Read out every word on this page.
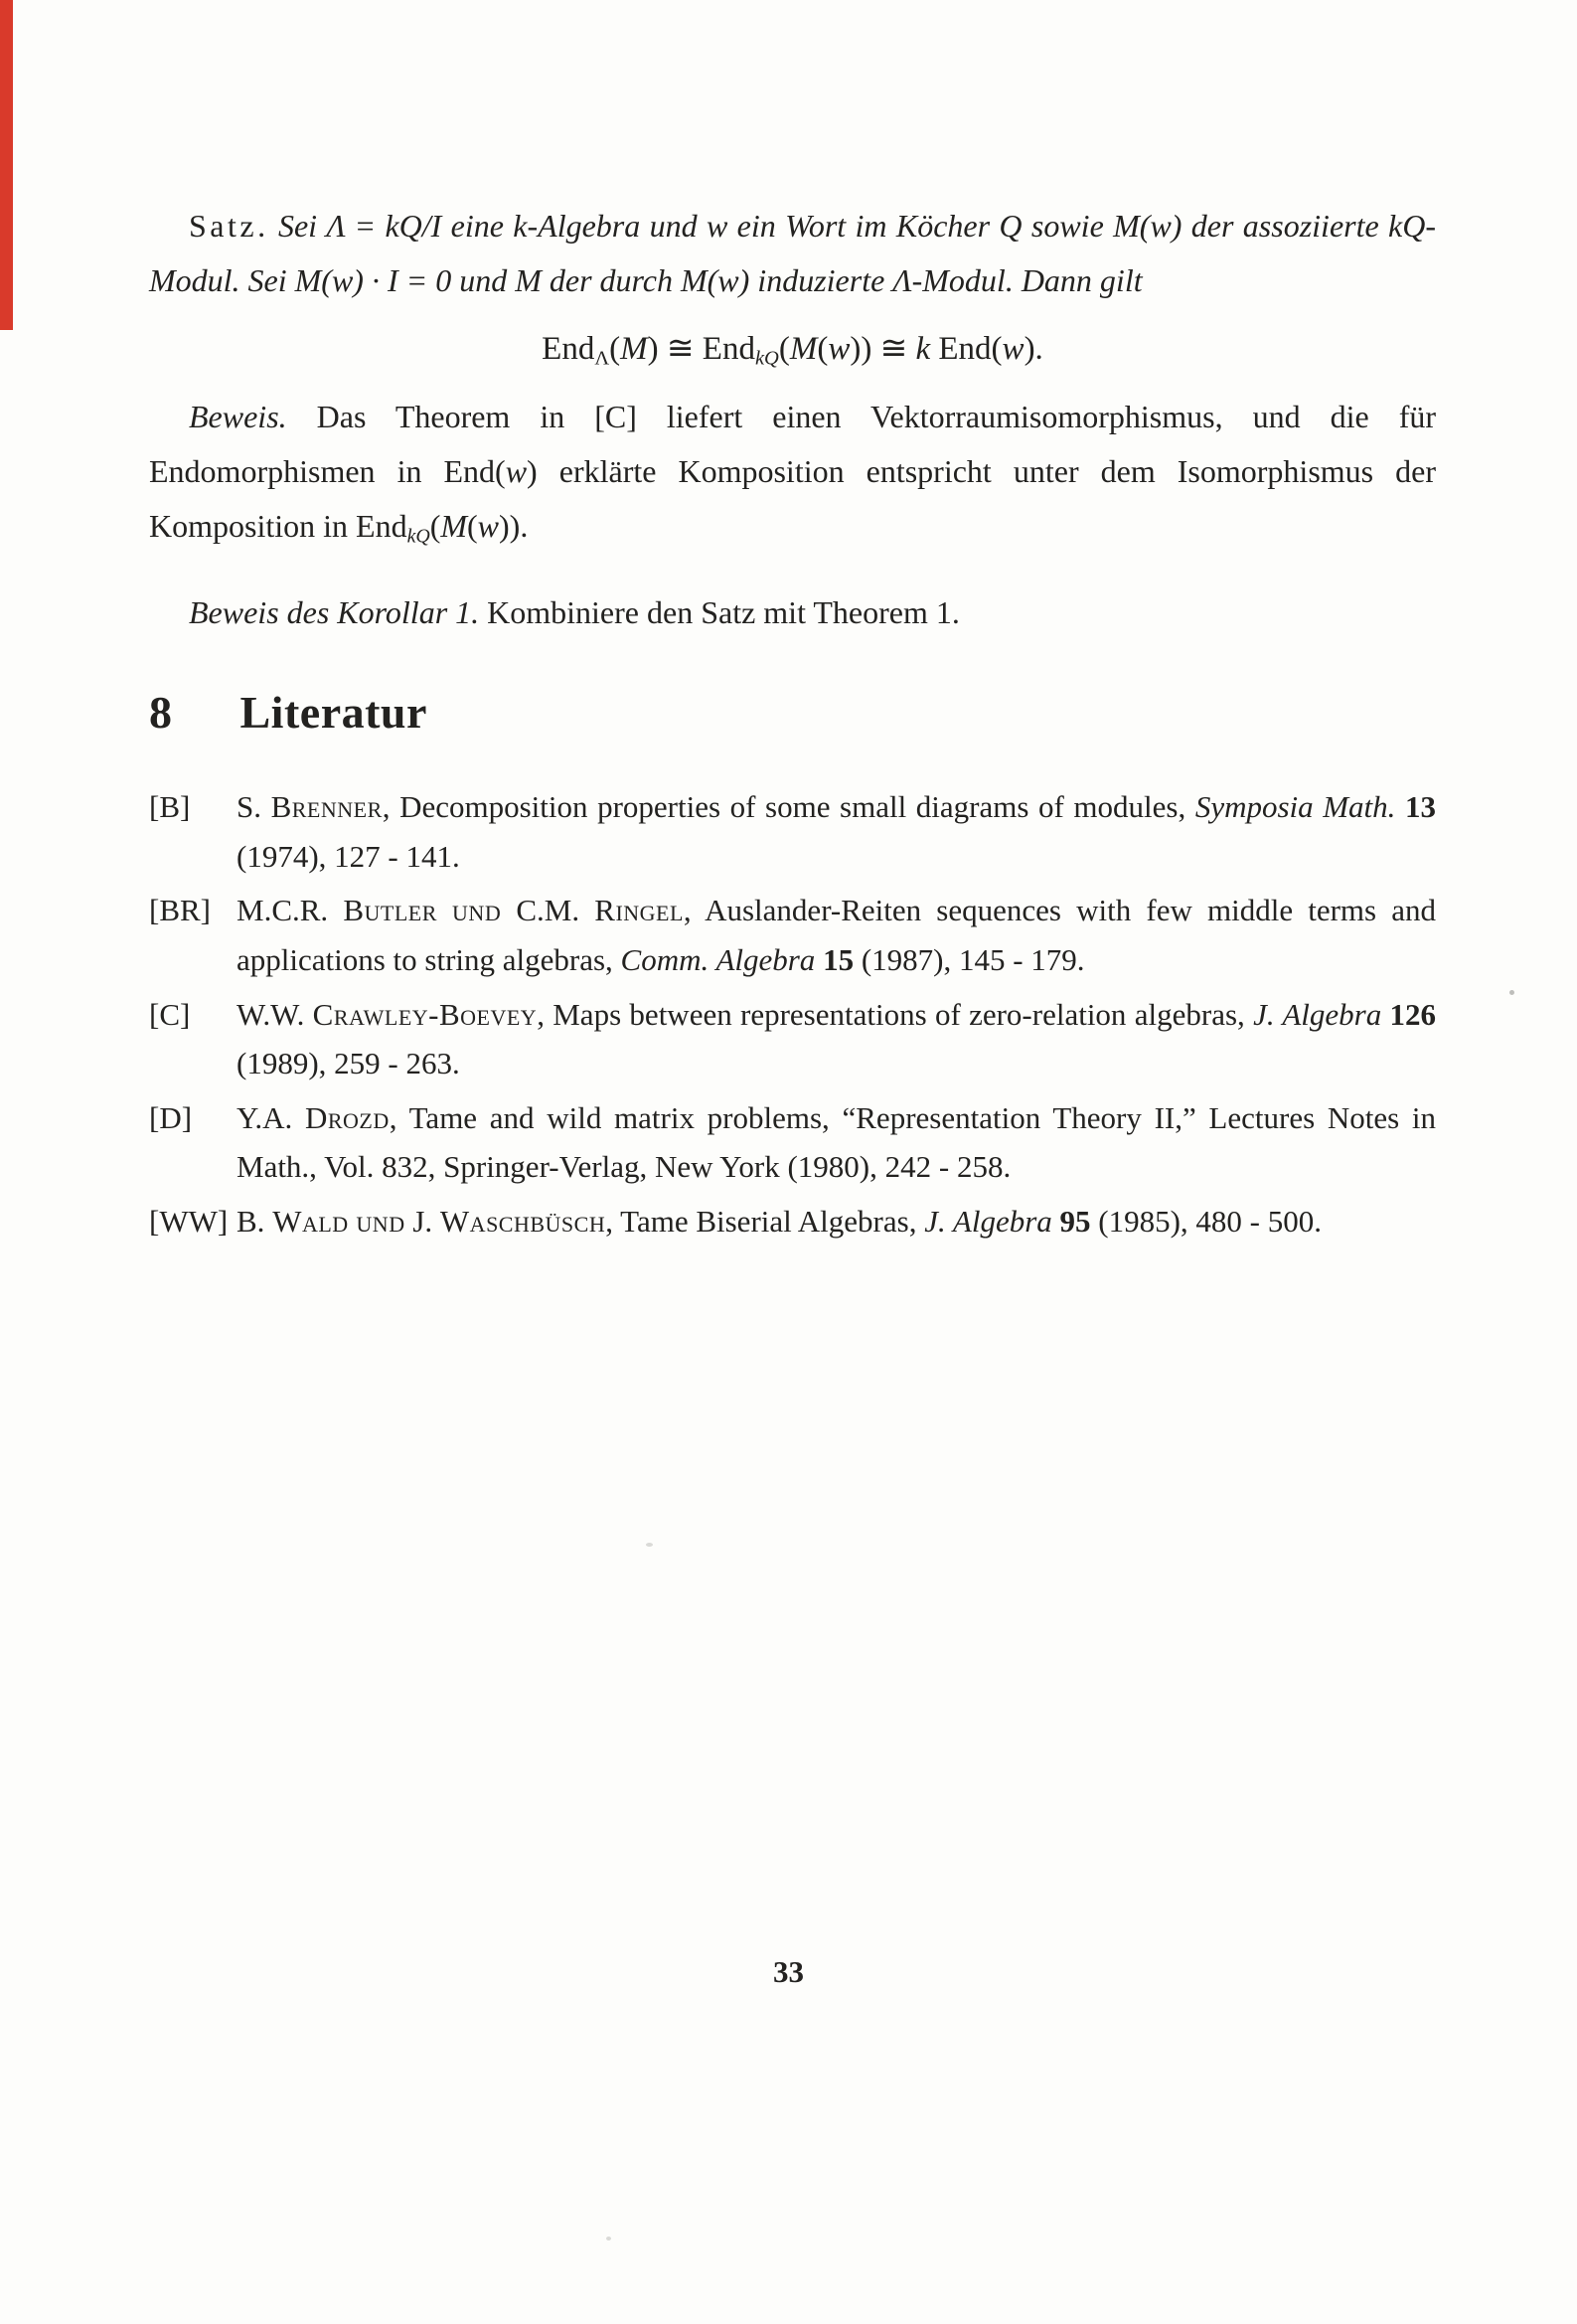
Satz. Sei Λ = kQ/I eine k-Algebra und w ein Wort im Köcher Q sowie M(w) der assoziierte kQ-Modul. Sei M(w) · I = 0 und M der durch M(w) induzierte Λ-Modul. Dann gilt

End$_\Lambda$(M) ≅ End$_{kQ}$(M(w)) ≅ k End(w).

Beweis. Das Theorem in [C] liefert einen Vektorraumisomorphismus, und die für Endomorphismen in End(w) erklärte Komposition entspricht unter dem Isomorphismus der Komposition in End$_{kQ}$(M(w)).

Beweis des Korollar 1. Kombiniere den Satz mit Theorem 1.

8 Literatur
[B]	S. Brenner, Decomposition properties of some small diagrams of modules, Symposia Math. 13 (1974), 127 - 141.
[BR] M.C.R. Butler und C.M. Ringel, Auslander-Reiten sequences with few middle terms and applications to string algebras, Comm. Algebra 15 (1987), 145 - 179.
[C]	W.W. Crawley-Boevey, Maps between representations of zero-relation algebras, J. Algebra 126 (1989), 259 - 263.
[D]	Y.A. Drozd, Tame and wild matrix problems, “Representation Theory II,” Lectures Notes in Math., Vol. 832, Springer-Verlag, New York (1980), 242 - 258.
[WW] B. Wald und J. Waschbüsch, Tame Biserial Algebras, J. Algebra 95 (1985), 480 - 500.
33
